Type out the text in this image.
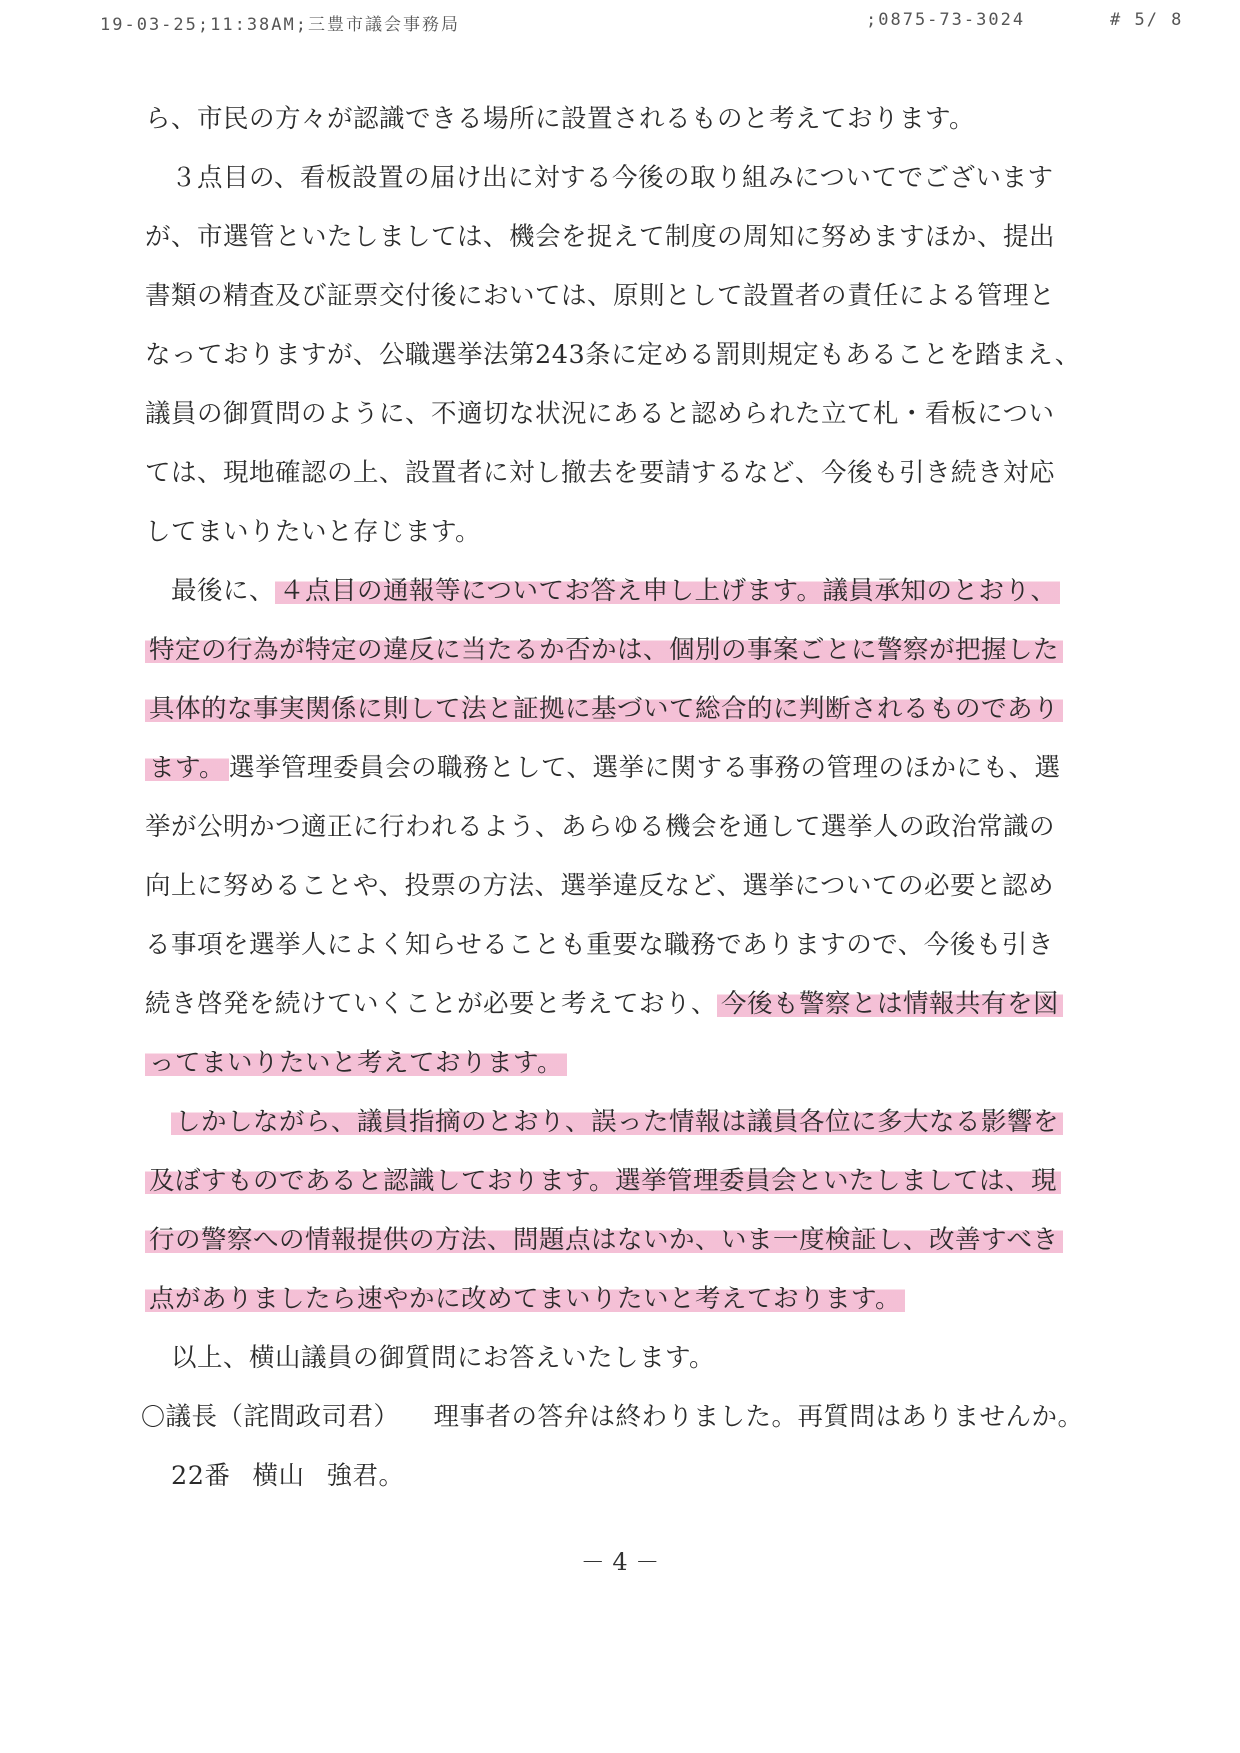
19-03-25;11:38AM;三豊市議会事務局	;0875-73-3024	# 5/ 8
ら、市民の方々が認識できる場所に設置されるものと考えております。
３点目の、看板設置の届け出に対する今後の取り組みについてでございます
が、市選管といたしましては、機会を捉えて制度の周知に努めますほか、提出
書類の精査及び証票交付後においては、原則として設置者の責任による管理と
なっておりますが、公職選挙法第243条に定める罰則規定もあることを踏まえ、
議員の御質問のように、不適切な状況にあると認められた立て札・看板につい
ては、現地確認の上、設置者に対し撤去を要請するなど、今後も引き続き対応
してまいりたいと存じます。
最後に、 ４点目の通報等についてお答え申し上げます。議員承知のとおり、
特定の行為が特定の違反に当たるか否かは、個別の事案ごとに警察が把握した
具体的な事実関係に則して法と証拠に基づいて総合的に判断されるものであり
ます。 選挙管理委員会の職務として、選挙に関する事務の管理のほかにも、選
挙が公明かつ適正に行われるよう、あらゆる機会を通して選挙人の政治常識の
向上に努めることや、投票の方法、選挙違反など、選挙についての必要と認め
る事項を選挙人によく知らせることも重要な職務でありますので、今後も引き
続き啓発を続けていくことが必要と考えており、 今後も警察とは情報共有を図
ってまいりたいと考えております。
しかしながら、議員指摘のとおり、誤った情報は議員各位に多大なる影響を
及ぼすものであると認識しております。選挙管理委員会といたしましては、現
行の警察への情報提供の方法、問題点はないか、いま一度検証し、改善すべき
点がありましたら速やかに改めてまいりたいと考えております。
以上、横山議員の御質問にお答えいたします。
〇議長（詫間政司君） 理事者の答弁は終わりました。再質問はありませんか。
22番 横山 強君。
－ 4 －
